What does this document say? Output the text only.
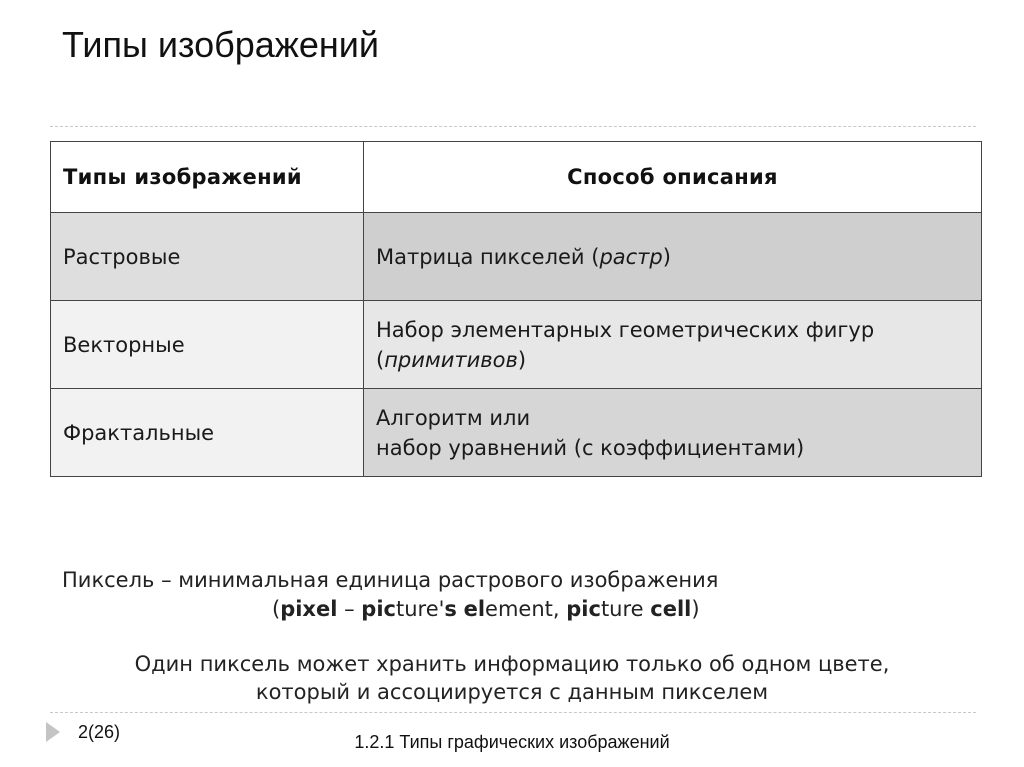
Типы изображений
Типы изображений	Способ описания
Растровые	Матрица пикселей (растр)
Векторные	Набор элементарных геометрических фигур
(примитивов)

Фрактальные	Алгоритм или
набор уравнений (с коэффициентами)
Пиксель – минимальная единица растрового изображения
(pixel – picture's element, picture cell)
Один пиксель может хранить информацию только об одном цвете,
который и ассоциируется с данным пикселем
2(26)	1.2.1 Типы графических изображений
